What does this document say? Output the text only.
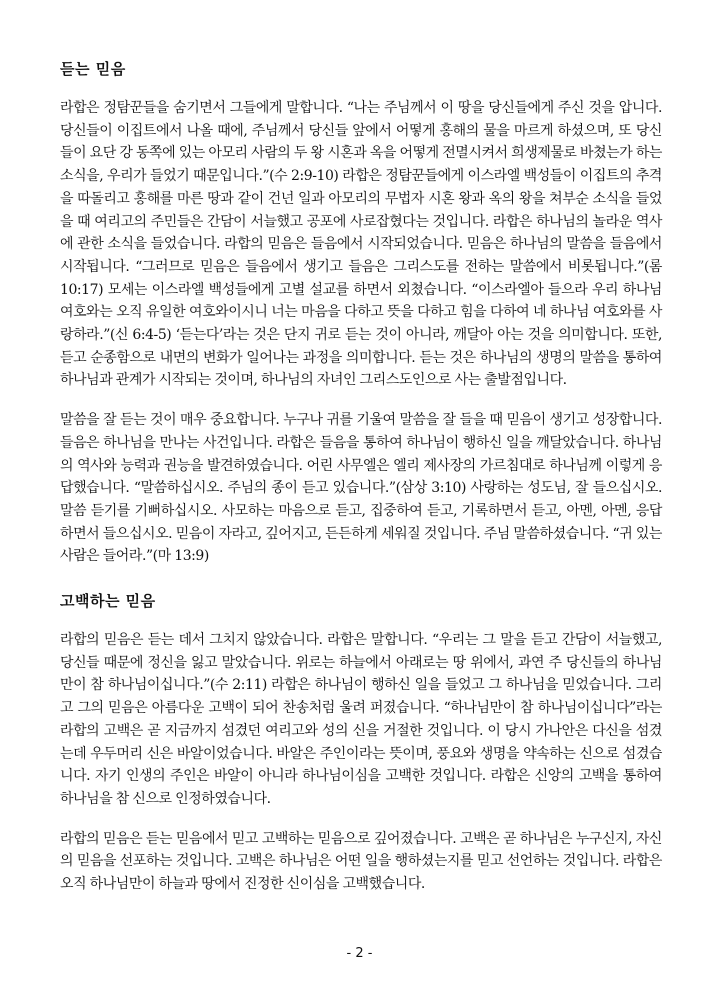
듣는 믿음

라합은 정탐꾼들을 숨기면서 그들에게 말합니다. “나는 주님께서 이 땅을 당신들에게 주신 것을 압니다. 당신들이 이집트에서 나올 때에, 주님께서 당신들 앞에서 어떻게 홍해의 물을 마르게 하셨으며, 또 당신들이 요단 강 동쪽에 있는 아모리 사람의 두 왕 시혼과 옥을 어떻게 전멸시켜서 희생제물로 바쳤는가 하는 소식을, 우리가 들었기 때문입니다.”(수 2:9-10) 라합은 정탐꾼들에게 이스라엘 백성들이 이집트의 추격을 따돌리고 홍해를 마른 땅과 같이 건넌 일과 아모리의 무법자 시혼 왕과 옥의 왕을 쳐부순 소식을 들었을 때 여리고의 주민들은 간담이 서늘했고 공포에 사로잡혔다는 것입니다. 라합은 하나님의 놀라운 역사에 관한 소식을 들었습니다. 라합의 믿음은 들음에서 시작되었습니다. 믿음은 하나님의 말씀을 들음에서 시작됩니다. “그러므로 믿음은 들음에서 생기고 들음은 그리스도를 전하는 말씀에서 비롯됩니다.”(롬 10:17) 모세는 이스라엘 백성들에게 고별 설교를 하면서 외쳤습니다. “이스라엘아 들으라 우리 하나님 여호와는 오직 유일한 여호와이시니 너는 마음을 다하고 뜻을 다하고 힘을 다하여 네 하나님 여호와를 사랑하라.”(신 6:4-5) ‘듣는다’라는 것은 단지 귀로 듣는 것이 아니라, 깨달아 아는 것을 의미합니다. 또한, 듣고 순종함으로 내면의 변화가 일어나는 과정을 의미합니다. 듣는 것은 하나님의 생명의 말씀을 통하여 하나님과 관계가 시작되는 것이며, 하나님의 자녀인 그리스도인으로 사는 출발점입니다.

말씀을 잘 듣는 것이 매우 중요합니다. 누구나 귀를 기울여 말씀을 잘 들을 때 믿음이 생기고 성장합니다. 들음은 하나님을 만나는 사건입니다. 라합은 들음을 통하여 하나님이 행하신 일을 깨달았습니다. 하나님의 역사와 능력과 권능을 발견하였습니다. 어린 사무엘은 엘리 제사장의 가르침대로 하나님께 이렇게 응답했습니다. “말씀하십시오. 주님의 종이 듣고 있습니다.”(삼상 3:10) 사랑하는 성도님, 잘 들으십시오. 말씀 듣기를 기뻐하십시오. 사모하는 마음으로 듣고, 집중하여 듣고, 기록하면서 듣고, 아멘, 아멘, 응답하면서 들으십시오. 믿음이 자라고, 깊어지고, 든든하게 세워질 것입니다. 주님 말씀하셨습니다. “귀 있는 사람은 들어라.”(마 13:9)

고백하는 믿음

라합의 믿음은 듣는 데서 그치지 않았습니다. 라합은 말합니다. “우리는 그 말을 듣고 간담이 서늘했고, 당신들 때문에 정신을 잃고 말았습니다. 위로는 하늘에서 아래로는 땅 위에서, 과연 주 당신들의 하나님만이 참 하나님이십니다.”(수 2:11) 라합은 하나님이 행하신 일을 들었고 그 하나님을 믿었습니다. 그리고 그의 믿음은 아름다운 고백이 되어 찬송처럼 울려 퍼졌습니다. “하나님만이 참 하나님이십니다”라는 라합의 고백은 곧 지금까지 섬겼던 여리고와 성의 신을 거절한 것입니다. 이 당시 가나안은 다신을 섬겼는데 우두머리 신은 바알이었습니다. 바알은 주인이라는 뜻이며, 풍요와 생명을 약속하는 신으로 섬겼습니다. 자기 인생의 주인은 바알이 아니라 하나님이심을 고백한 것입니다. 라합은 신앙의 고백을 통하여 하나님을 참 신으로 인정하였습니다.

라합의 믿음은 듣는 믿음에서 믿고 고백하는 믿음으로 깊어졌습니다. 고백은 곧 하나님은 누구신지, 자신의 믿음을 선포하는 것입니다. 고백은 하나님은 어떤 일을 행하셨는지를 믿고 선언하는 것입니다. 라합은 오직 하나님만이 하늘과 땅에서 진정한 신이심을 고백했습니다.

- 2 -
